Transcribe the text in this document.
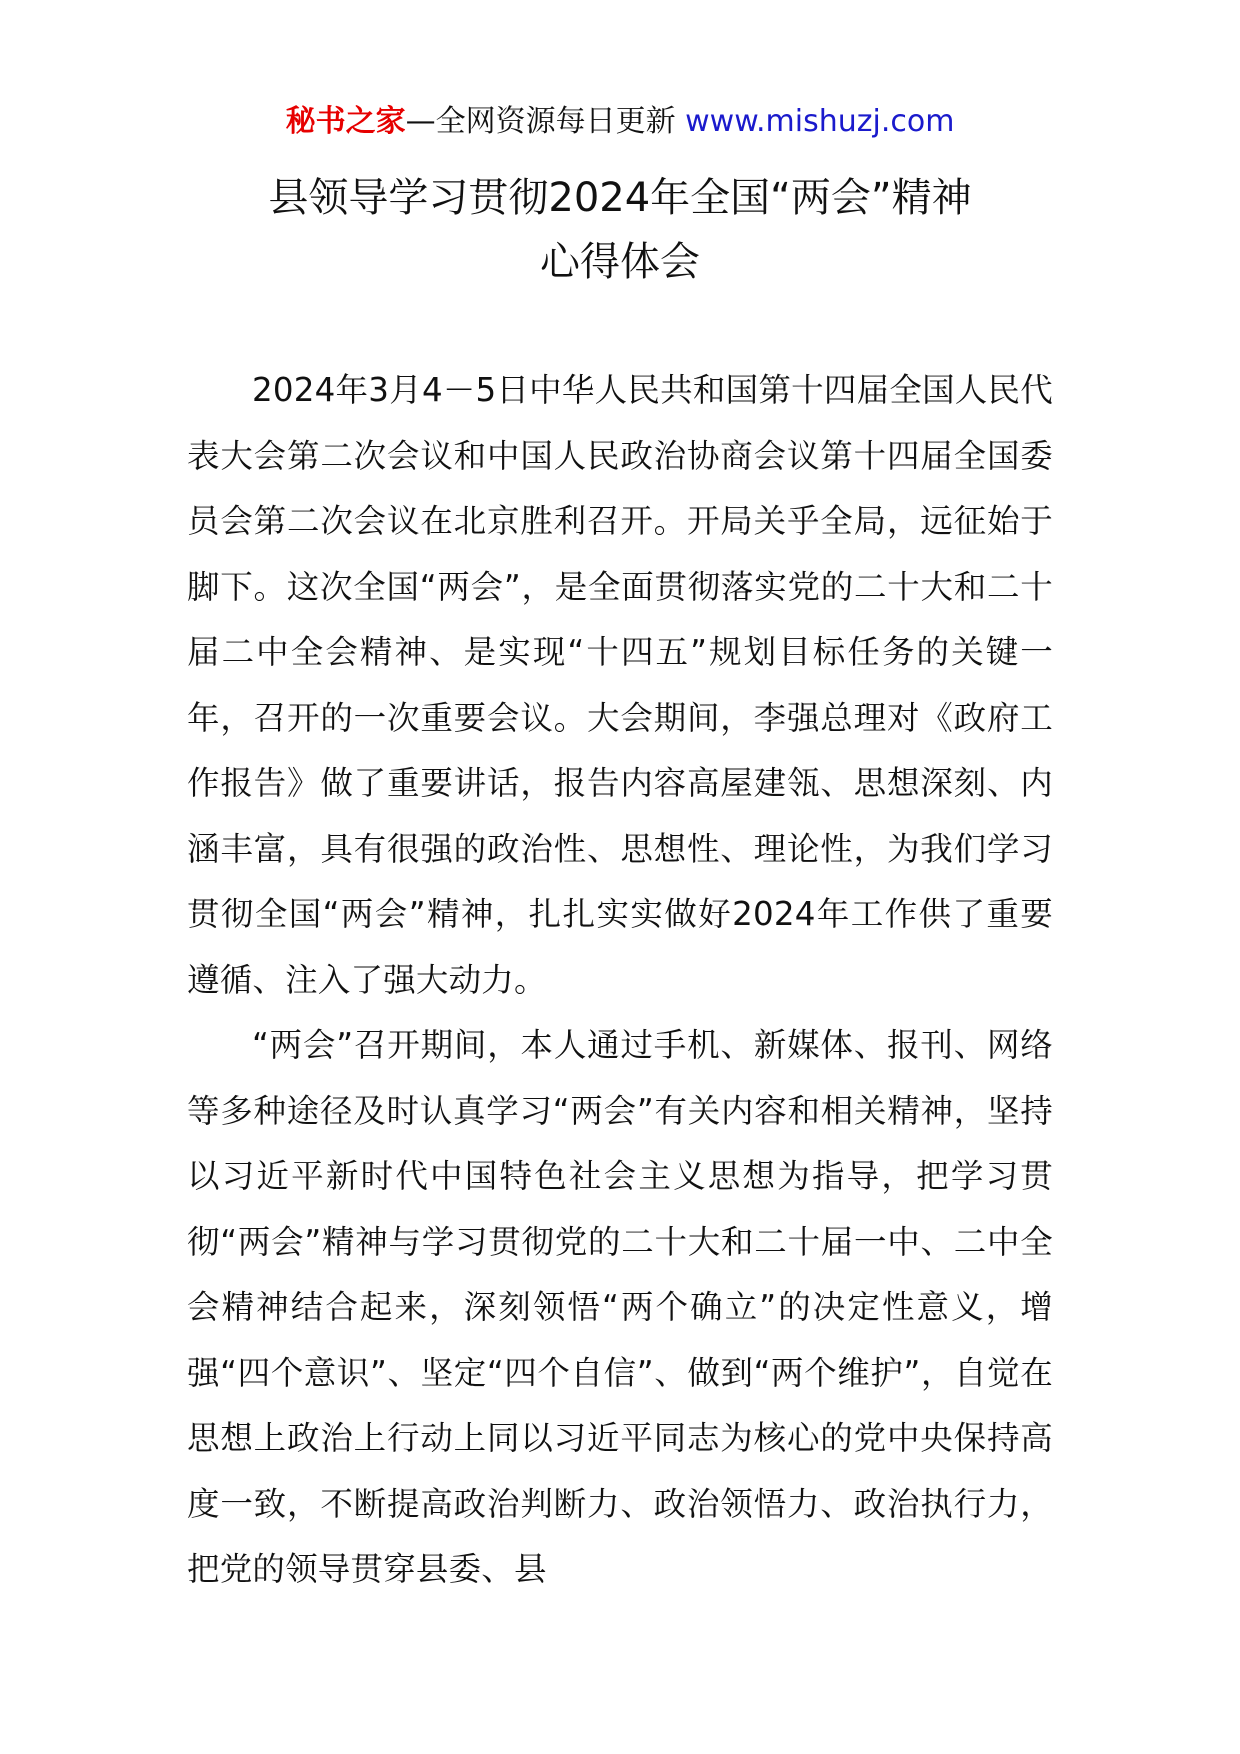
秘书之家—全网资源每日更新 www.mishuzj.com
县领导学习贯彻2024年全国“两会”精神
心得体会

2024年3月4－5日中华人民共和国第十四届全国人民代表大会第二次会议和中国人民政治协商会议第十四届全国委员会第二次会议在北京胜利召开。开局关乎全局，远征始于脚下。这次全国“两会”，是全面贯彻落实党的二十大和二十届二中全会精神、是实现“十四五”规划目标任务的关键一年，召开的一次重要会议。大会期间，李强总理对《政府工作报告》做了重要讲话，报告内容高屋建瓴、思想深刻、内涵丰富，具有很强的政治性、思想性、理论性，为我们学习贯彻全国“两会”精神，扎扎实实做好2024年工作供了重要遵循、注入了强大动力。

“两会”召开期间，本人通过手机、新媒体、报刊、网络等多种途径及时认真学习“两会”有关内容和相关精神，坚持以习近平新时代中国特色社会主义思想为指导，把学习贯彻“两会”精神与学习贯彻党的二十大和二十届一中、二中全会精神结合起来，深刻领悟“两个确立”的决定性意义，增强“四个意识”、坚定“四个自信”、做到“两个维护”，自觉在思想上政治上行动上同以习近平同志为核心的党中央保持高度一致，不断提高政治判断力、政治领悟力、政治执行力，把党的领导贯穿县委、县
